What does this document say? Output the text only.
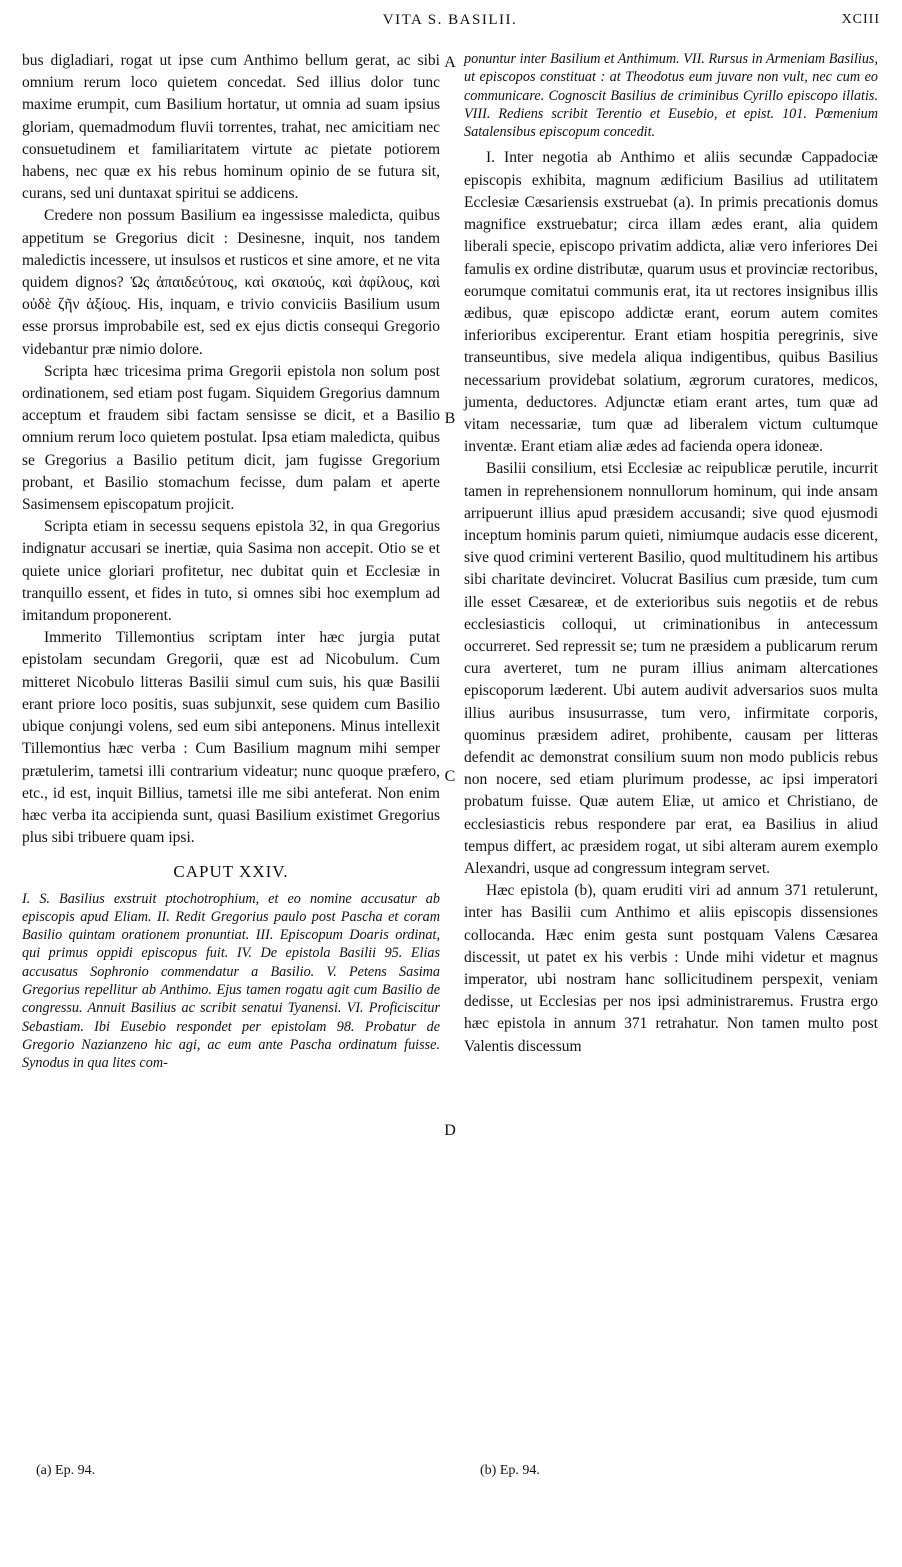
VITA S. BASILII.	XCIII

bus digladiari, rogat ut ipse cum Anthimo bellum gerat, ac sibi omnium rerum loco quietem concedat. Sed illius dolor tunc maxime erumpit, cum Basilium hortatur, ut omnia ad suam ipsius gloriam, quemadmodum fluvii torrentes, trahat, nec amicitiam nec consuetudinem et familiaritatem virtute ac pietate potiorem habens, nec quæ ex his rebus hominum opinio de se futura sit, curans, sed uni duntaxat spiritui se addicens.

Credere non possum Basilium ea ingessisse maledicta, quibus appetitum se Gregorius dicit : Desinesne, inquit, nos tandem maledictis incessere, ut insulsos et rusticos et sine amore, et ne vita quidem dignos? Ὡς ἀπαιδεύτους, καὶ σκαιούς, καὶ ἀφίλους, καὶ οὐδὲ ζῆν ἀξίους. His, inquam, e trivio conviciis Basilium usum esse prorsus improbabile est, sed ex ejus dictis consequi Gregorio videbantur præ nimio dolore.

Scripta hæc tricesima prima Gregorii epistola non solum post ordinationem, sed etiam post fugam. Siquidem Gregorius damnum acceptum et fraudem sibi factam sensisse se dicit, et a Basilio omnium rerum loco quietem postulat. Ipsa etiam maledicta, quibus se Gregorius a Basilio petitum dicit, jam fugisse Gregorium probant, et Basilio stomachum fecisse, dum palam et aperte Sasimensem episcopatum projicit.

Scripta etiam in secessu sequens epistola 32, in qua Gregorius indignatur accusari se inertiæ, quia Sasima non accepit. Otio se et quiete unice gloriari profitetur, nec dubitat quin et Ecclesiæ in tranquillo essent, et fides in tuto, si omnes sibi hoc exemplum ad imitandum proponerent.

Immerito Tillemontius scriptam inter hæc jurgia putat epistolam secundam Gregorii, quæ est ad Nicobulum. Cum mitteret Nicobulo litteras Basilii simul cum suis, his quæ Basilii erant priore loco positis, suas subjunxit, sese quidem cum Basilio ubique conjungi volens, sed eum sibi anteponens. Minus intellexit Tillemontius hæc verba : Cum Basilium magnum mihi semper prætulerim, tametsi illi contrarium videatur; nunc quoque præfero, etc., id est, inquit Billius, tametsi ille me sibi anteferat. Non enim hæc verba ita accipienda sunt, quasi Basilium existimet Gregorius plus sibi tribuere quam ipsi.

CAPUT XXIV.
I. S. Basilius exstruit ptochotrophium, et eo nomine accusatur ab episcopis apud Eliam. II. Redit Gregorius paulo post Pascha et coram Basilio quintam orationem pronuntiat. III. Episcopum Doaris ordinat, qui primus oppidi episcopus fuit. IV. De epistola Basilii 95. Elias accusatus Sophronio commendatur a Basilio. V. Petens Sasima Gregorius repellitur ab Anthimo. Ejus tamen rogatu agit cum Basilio de congressu. Annuit Basilius ac scribit senatui Tyanensi. VI. Proficiscitur Sebastiam. Ibi Eusebio respondet per epistolam 98. Probatur de Gregorio Nazianzeno hic agi, ac eum ante Pascha ordinatum fuisse. Synodus in qua lites com-
A
B
C
D
ponuntur inter Basilium et Anthimum. VII. Rursus in Armeniam Basilius, ut episcopos constituat : at Theodotus eum juvare non vult, nec cum eo communicare. Cognoscit Basilius de criminibus Cyrillo episcopo illatis. VIII. Rediens scribit Terentio et Eusebio, et epist. 101. Pœmenium Satalensibus episcopum concedit.

I. Inter negotia ab Anthimo et aliis secundæ Cappadociæ episcopis exhibita, magnum ædificium Basilius ad utilitatem Ecclesiæ Cæsariensis exstruebat (a). In primis precationis domus magnifice exstruebatur; circa illam ædes erant, alia quidem liberali specie, episcopo privatim addicta, aliæ vero inferiores Dei famulis ex ordine distributæ, quarum usus et provinciæ rectoribus, eorumque comitatui communis erat, ita ut rectores insignibus illis ædibus, quæ episcopo addictæ erant, eorum autem comites inferioribus exciperentur. Erant etiam hospitia peregrinis, sive transeuntibus, sive medela aliqua indigentibus, quibus Basilius necessarium providebat solatium, ægrorum curatores, medicos, jumenta, deductores. Adjunctæ etiam erant artes, tum quæ ad vitam necessariæ, tum quæ ad liberalem victum cultumque inventæ. Erant etiam aliæ ædes ad facienda opera idoneæ.

Basilii consilium, etsi Ecclesiæ ac reipublicæ perutile, incurrit tamen in reprehensionem nonnullorum hominum, qui inde ansam arripuerunt illius apud præsidem accusandi; sive quod ejusmodi inceptum hominis parum quieti, nimiumque audacis esse dicerent, sive quod crimini verterent Basilio, quod multitudinem his artibus sibi charitate devinciret. Volucrat Basilius cum præside, tum cum ille esset Cæsareæ, et de exterioribus suis negotiis et de rebus ecclesiasticis colloqui, ut criminationibus in antecessum occurreret. Sed repressit se; tum ne præsidem a publicarum rerum cura averteret, tum ne puram illius animam altercationes episcoporum læderent. Ubi autem audivit adversarios suos multa illius auribus insusurrasse, tum vero, infirmitate corporis, quominus præsidem adiret, prohibente, causam per litteras defendit ac demonstrat consilium suum non modo publicis rebus non nocere, sed etiam plurimum prodesse, ac ipsi imperatori probatum fuisse. Quæ autem Eliæ, ut amico et Christiano, de ecclesiasticis rebus respondere par erat, ea Basilius in aliud tempus differt, ac præsidem rogat, ut sibi alteram aurem exemplo Alexandri, usque ad congressum integram servet.

Hæc epistola (b), quam eruditi viri ad annum 371 retulerunt, inter has Basilii cum Anthimo et aliis episcopis dissensiones collocanda. Hæc enim gesta sunt postquam Valens Cæsarea discessit, ut patet ex his verbis : Unde mihi videtur et magnus imperator, ubi nostram hanc sollicitudinem perspexit, veniam dedisse, ut Ecclesias per nos ipsi administraremus. Frustra ergo hæc epistola in annum 371 retrahatur. Non tamen multo post Valentis discessum

(a) Ep. 94.	(b) Ep. 94.
